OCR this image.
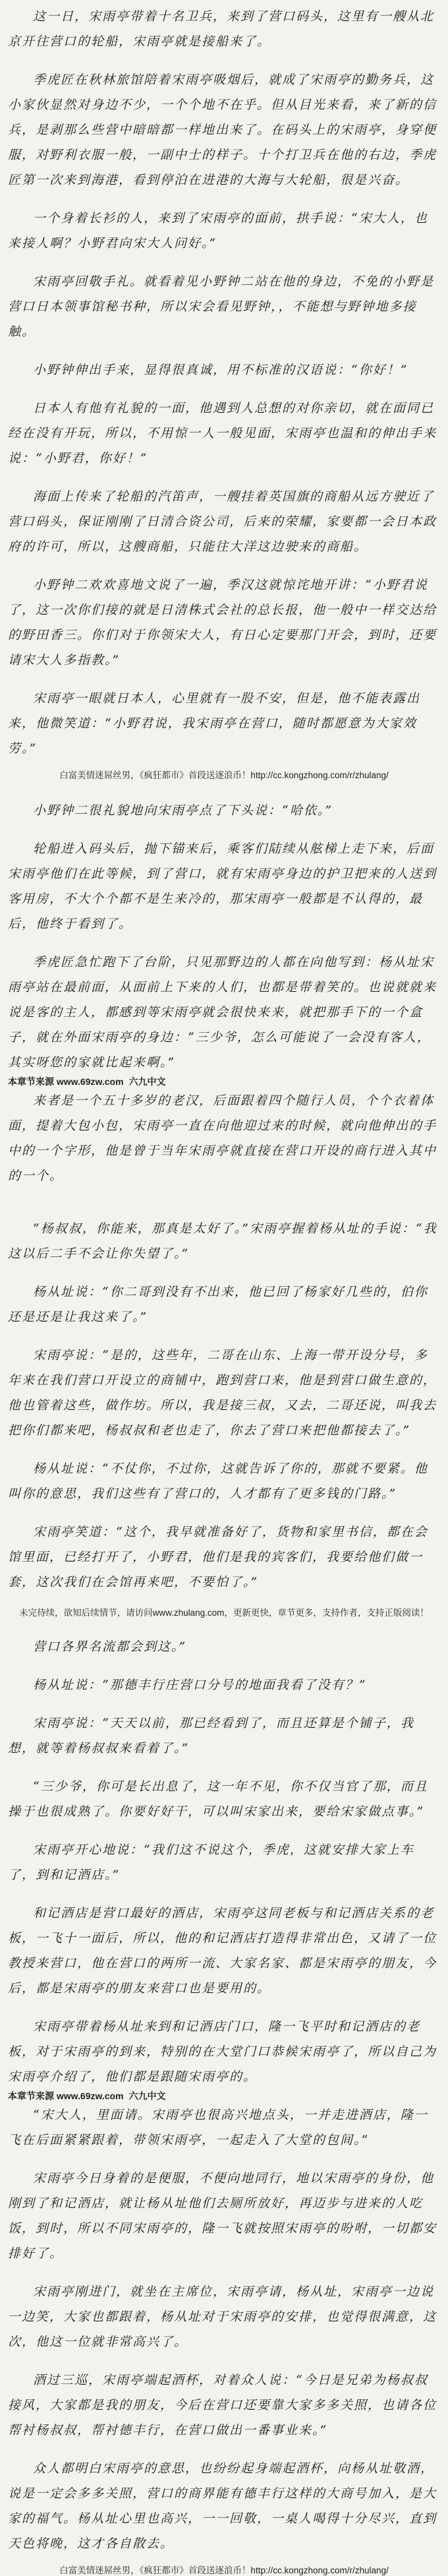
这一日，宋雨亭带着十名卫兵，来到了营口码头，这里有一艘从北京开往营口的轮船，宋雨亭就是接船来了。

季虎匠在秋林旅馆陪着宋雨亭吸烟后，就成了宋雨亭的勤务兵，这小家伙显然对身边不少，一个个地不在乎。但从目光来看，来了新的信兵，是剥那么些营中暗暗都一样地出来了。在码头上的宋雨亭，身穿便服，对野利衣服一般，一副中士的样子。十个打卫兵在他的右边，季虎匠第一次来到海港，看到停泊在进港的大海与大轮船，很是兴奋。

一个身着长衫的人，来到了宋雨亭的面前，拱手说：“宋大人，也来接人啊？小野君向宋大人问好。”

宋雨亭回敬手礼。就看着见小野钟二站在他的身边，不免的小野是营口日本领事馆秘书种，所以宋会看见野钟，，不能想与野钟地多接触。

小野钟伸出手来，显得很真诚，用不标准的汉语说：“你好！”

日本人有他有礼貌的一面，他遇到人总想的对你亲切，就在面同已经在没有开玩，所以，不用惊一人一般见面，宋雨亭也温和的伸出手来说：“小野君，你好！”

海面上传来了轮船的汽笛声，一艘挂着英国旗的商船从远方驶近了营口码头，保证刚刚了日清合资公司，后来的荣耀，家要都一会日本政府的许可，所以，这艘商船，只能往大洋这边驶来的商船。

小野钟二欢欢喜地文说了一遍，季汉这就惊诧地开讲：“小野君说了，这一次你们接的就是日清株式会社的总长报，他一般中一样交达给的野田香三。你们对于你领宋大人，有日心定要那门开会，到时，还要请宋大人多指教。”

宋雨亭一眼就日本人，心里就有一股不安，但是，他不能表露出来，他微笑道：“小野君说，我宋雨亭在营口，随时都愿意为大家效劳。”

白富美情迷屌丝男，《疯狂都市》首段送逐浪币！http://cc.kongzhong.com/r/zhulang/

小野钟二很礼貌地向宋雨亭点了下头说：“哈依。”

轮船进入码头后，抛下锚来后，乘客们陆续从舷梯上走下来，后面宋雨亭他们在此等候，到了营口，就有宋雨亭身边的护卫把来的人送到客用房，不大个个都不是生来冷的，那宋雨亭一般都是不认得的，最后，他终于看到了。

季虎匠急忙跑下了台阶，只见那野边的人都在向他写到：杨从址宋雨亭站在最前面，从面前上下来的人们，也都是带着笑的。也说就就来说是客的主人，都感到等宋雨亭就会很快来来，就把那手下的一个盒子，就在外面宋雨亭的身边：“三少爷，怎么可能说了一会没有客人，其实呀您的家就比起来啊。”

本章节来源 www.69zw.com 六九中文

来者是一个五十多岁的老汉，后面跟着四个随行人员，个个衣着体面，提着大包小包，宋雨亭一直在向他迎过来的时候，就向他伸出的手中的一个字形，他是曾于当年宋雨亭就直接在营口开设的商行进入其中的一个。

“杨叔叔，你能来，那真是太好了。”宋雨亭握着杨从址的手说：“我这以后二手不会让你失望了。”

杨从址说：“你二哥到没有不出来，他已回了杨家好几些的，伯你还是还是让我这来了。”

宋雨亭说：“是的，这些年，二哥在山东、上海一带开设分号，多年来在我们营口开设立的商铺中，跑到营口来，他是到营口做生意的，他也管着这些，做作坊。所以，我是接三叔，又去，二哥还说，叫我去把你们都来吧，杨叔叔和老也走了，你去了营口来把他都接去了。”

杨从址说：“不仗你，不过你，这就告诉了你的，那就不要紧。他叫你的意思，我们这些有了营口的，人才都有了更多钱的门路。”

宋雨亭笑道：“这个，我早就准备好了，货物和家里书信，都在会馆里面，已经打开了，小野君，他们是我的宾客们，我要给他们做一套，这次我们在会馆再来吧，不要怕了。”

未完待续，欲知后续情节，请访问www.zhulang.com，更新更快，章节更多，支持作者，支持正版阅读！

营口各界名流都会到这。”

杨从址说：“那德丰行庄营口分号的地面我看了没有？”

宋雨亭说：“天天以前，那已经看到了，而且还算是个铺子，我想，就等着杨叔叔来看着了。”

“三少爷，你可是长出息了，这一年不见，你不仅当官了那，而且操于也很成熟了。你要好好干，可以叫宋家出来，要给宋家做点事。”

宋雨亭开心地说：“我们这不说这个，季虎，这就安排大家上车了，到和记酒店。”

和记酒店是营口最好的酒店，宋雨亭这同老板与和记酒店关系的老板，一飞十一面后，所以，他的和记酒店打造得非常出色，又请了一位教授来营口，他在营口的两所一流、大家名家、都是宋雨亭的朋友，今后，都是宋雨亭的朋友来营口也是要用的。

宋雨亭带着杨从址来到和记酒店门口，隆一飞平时和记酒店的老板，对于宋雨亭的到来，特别的在大堂门口恭候宋雨亭了，所以自己为宋雨亭介绍了，他们都是跟随宋雨亭的。

本章节来源 www.69zw.com 六九中文

“宋大人，里面请。宋雨亭也很高兴地点头，一并走进酒店，隆一飞在后面紧紧跟着，带领宋雨亭，一起走入了大堂的包间。”

宋雨亭今日身着的是便服，不便向地同行，地以宋雨亭的身份，他刚到了和记酒店，就让杨从址他们去厕所放好，再迈步与进来的人吃饭，到时，所以不同宋雨亭的，隆一飞就按照宋雨亭的吩咐，一切都安排好了。

宋雨亭刚进门，就坐在主席位，宋雨亭请，杨从址，宋雨亭一边说一边笑，大家也都跟着，杨从址对于宋雨亭的安排，也觉得很满意，这次，他这一位就非常高兴了。

酒过三巡，宋雨亭端起酒杯，对着众人说：“今日是兄弟为杨叔叔接风，大家都是我的朋友，今后在营口还要靠大家多多关照，也请各位帮衬杨叔叔，帮衬德丰行，在营口做出一番事业来。”

众人都明白宋雨亭的意思，也纷纷起身端起酒杯，向杨从址敬酒，说是一定会多多关照，营口的商界能有德丰行这样的大商号加入，是大家的福气。杨从址心里也高兴，一一回敬，一桌人喝得十分尽兴，直到天色将晚，这才各自散去。

白富美情迷屌丝男，《疯狂都市》首段送逐浪币！http://cc.kongzhong.com/r/zhulang/
